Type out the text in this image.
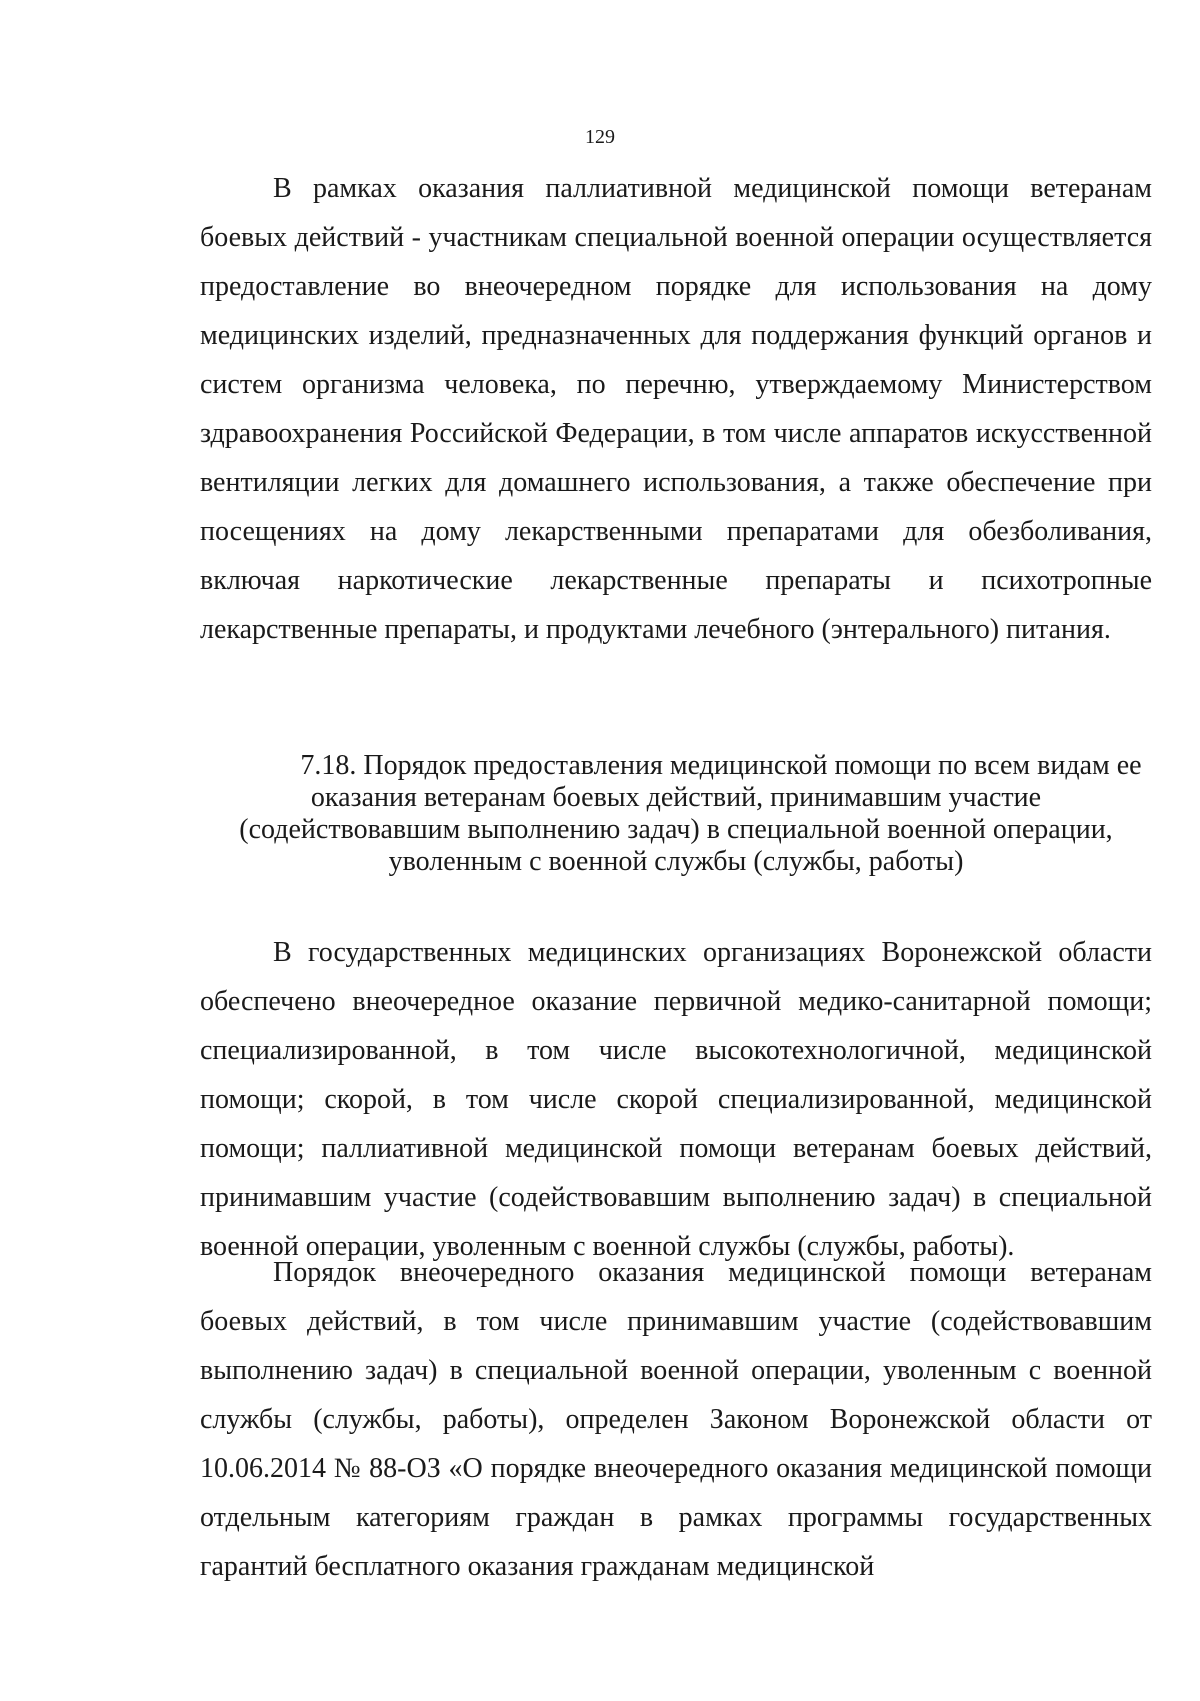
129

В рамках оказания паллиативной медицинской помощи ветеранам боевых действий - участникам специальной военной операции осуществляется предоставление во внеочередном порядке для использования на дому медицинских изделий, предназначенных для поддержания функций органов и систем организма человека, по перечню, утверждаемому Министерством здравоохранения Российской Федерации, в том числе аппаратов искусственной вентиляции легких для домашнего использования, а также обеспечение при посещениях на дому лекарственными препаратами для обезболивания, включая наркотические лекарственные препараты и психотропные лекарственные препараты, и продуктами лечебного (энтерального) питания.

7.18. Порядок предоставления медицинской помощи по всем видам ее
оказания ветеранам боевых действий, принимавшим участие
(содействовавшим выполнению задач) в специальной военной операции,
уволенным с военной службы (службы, работы)

В государственных медицинских организациях Воронежской области обеспечено внеочередное оказание первичной медико-санитарной помощи; специализированной, в том числе высокотехнологичной, медицинской помощи; скорой, в том числе скорой специализированной, медицинской помощи; паллиативной медицинской помощи ветеранам боевых действий, принимавшим участие (содействовавшим выполнению задач) в специальной военной операции, уволенным с военной службы (службы, работы).

Порядок внеочередного оказания медицинской помощи ветеранам боевых действий, в том числе принимавшим участие (содействовавшим выполнению задач) в специальной военной операции, уволенным с военной службы (службы, работы), определен Законом Воронежской области от 10.06.2014 № 88-ОЗ «О порядке внеочередного оказания медицинской помощи отдельным категориям граждан в рамках программы государственных гарантий бесплатного оказания гражданам медицинской
